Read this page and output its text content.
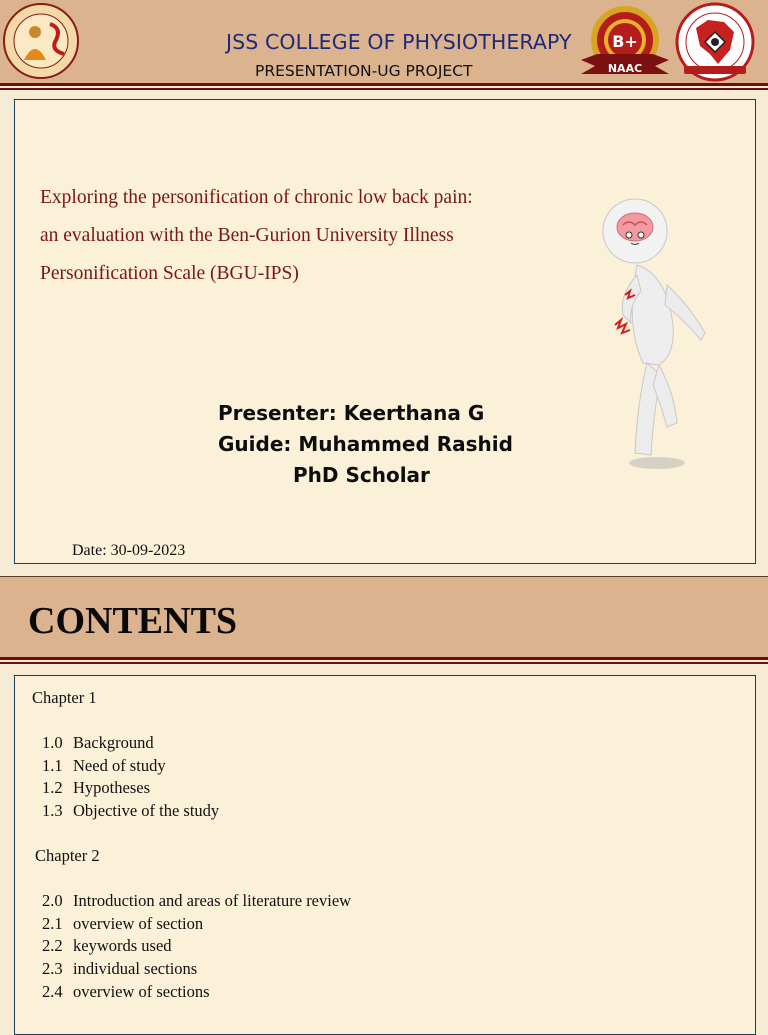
JSS COLLEGE OF PHYSIOTHERAPY
PRESENTATION-UG PROJECT
B+
NAAC
Exploring the personification of chronic low back pain:
an evaluation with the Ben-Gurion University Illness
Personification Scale (BGU-IPS)
Presenter: Keerthana G
Guide: Muhammed Rashid
PhD Scholar
Date: 30-09-2023
CONTENTS
Chapter 1
1.0 Background
1.1 Need of study
1.2 Hypotheses
1.3 Objective of the study
Chapter 2
2.0 Introduction and areas of literature review
2.1 overview of section
2.2 keywords used
2.3 individual sections
2.4 overview of sections
